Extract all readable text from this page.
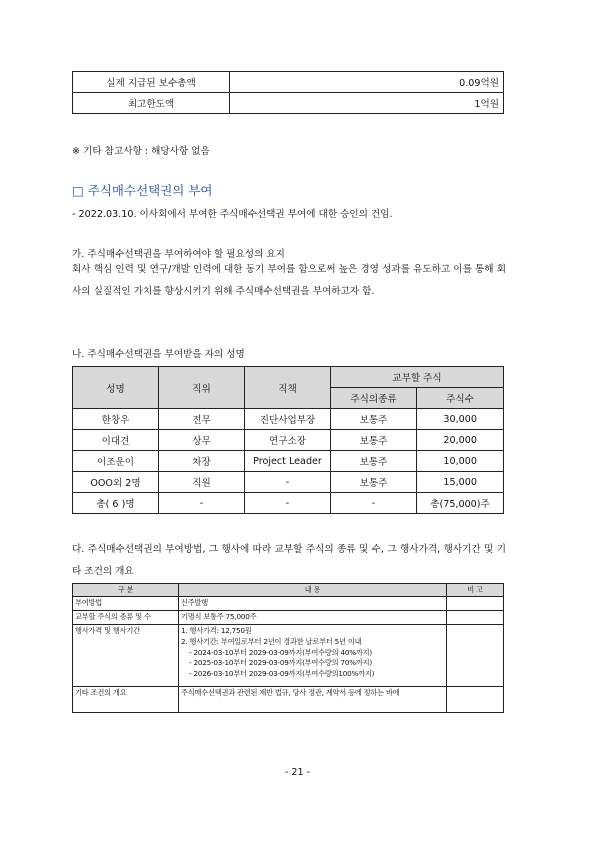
실제 지급된 보수총액	0.09억원
최고한도액	1억원
※ 기타 참고사항 : 해당사항 없음
□ 주식매수선택권의 부여
- 2022.03.10. 이사회에서 부여한 주식매수선택권 부여에 대한 승인의 건임.
가. 주식매수선택권을 부여하여야 할 필요성의 요지
회사 핵심 인력 및 연구/개발 인력에 대한 동기 부여를 함으로써 높은 경영 성과를 유도하고 이를 통해 회사의 실질적인 가치를 향상시키기 위해 주식매수선택권을 부여하고자 함.
나. 주식매수선택권을 부여받을 자의 성명
성명	직위	직책	교부할 주식	
			주식의종류	주식수
한창우	전무	진단사업부장	보통주	30,000
이대견	상무	연구소장	보통주	20,000
이조운이	차장	Project Leader	보통주	10,000
OOO외 2명	직원	-	보통주	15,000
총( 6 )명	-	-	-	총(75,000)주
다. 주식매수선택권의 부여방법, 그 행사에 따라 교부할 주식의 종류 및 수, 그 행사가격, 행사기간 및 기타 조건의 개요
구 분	내 용	비 고
부여방법	신주발행	

교부할 주식의 종류 및 수	기명식 보통주 75,000주	

행사가격 및 행사기간	1. 행사가격: 12,750원
2. 행사기간: 부여일로부터 2년이 경과한 날로부터 5년 이내
- 2024-03-10부터 2029-03-09까지(부여수량의 40%까지)
- 2025-03-10부터 2029-03-09까지(부여수량의 70%까지)
- 2026-03-10부터 2029-03-09까지(부여수량의100%까지)	

기타 조건의 개요	주식매수선택권과 관련된 제반 법규, 당사 정관, 계약서 등에 정하는 바에	

- 21 -
